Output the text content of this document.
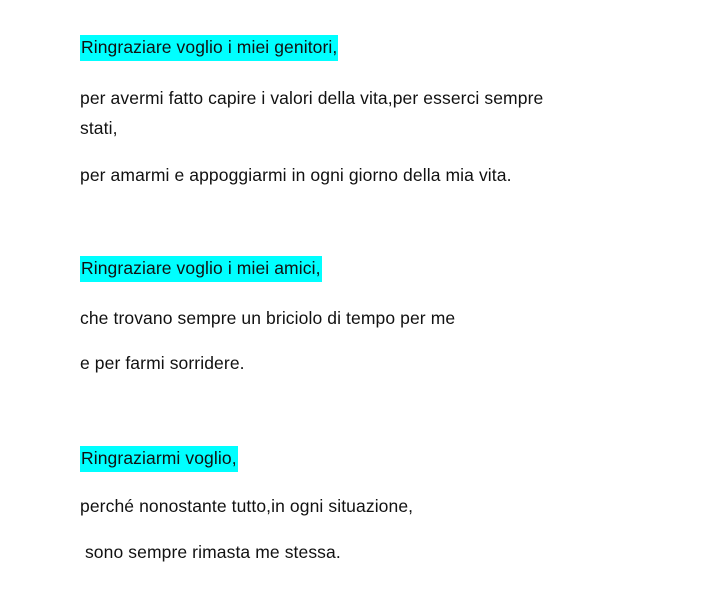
Ringraziare voglio i miei genitori,
per avermi fatto capire i valori della vita,per esserci sempre
stati,
per amarmi e appoggiarmi in ogni giorno della mia vita.
Ringraziare voglio i miei amici,
che trovano sempre un briciolo di tempo per me
e per farmi sorridere.
Ringraziarmi voglio,
perché nonostante tutto,in ogni situazione,
sono sempre rimasta me stessa.
